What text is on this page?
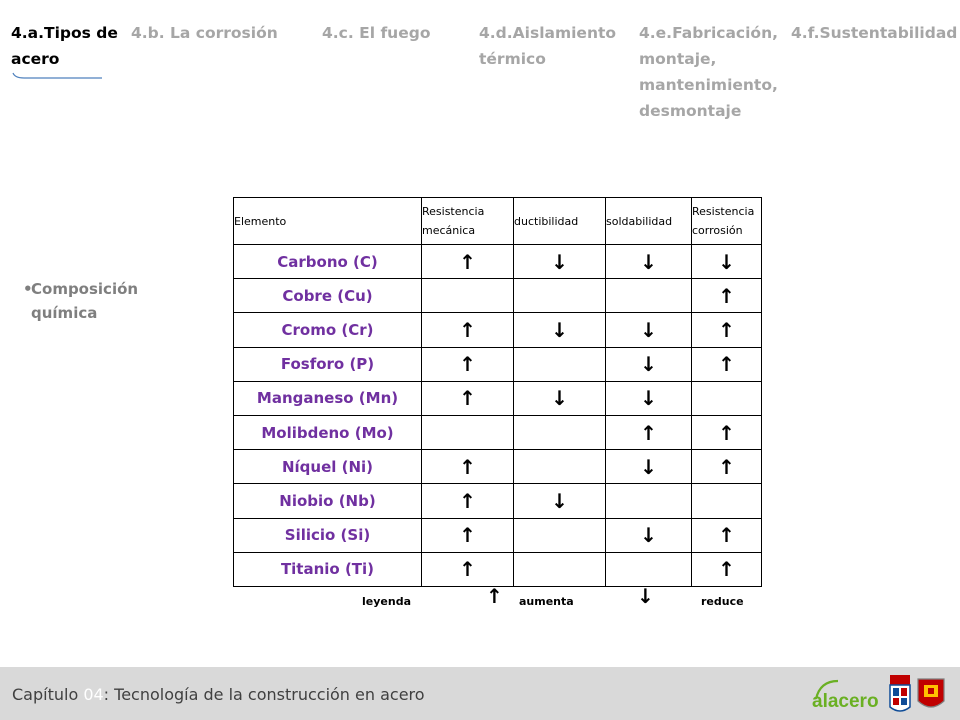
4.a.Tipos de acero
4.b. La corrosión	4.c. El fuego	4.d.Aislamiento térmico
4.e.Fabricación, montaje, mantenimiento, desmontaje
4.f.Sustentabilidad
•
Composición química
Elemento	Resistencia mecánica	ductibilidad	soldabilidad	Resistencia corrosión
Carbono (C)	↑	↓	↓	↓
Cobre (Cu)				↑
Cromo (Cr)	↑	↓	↓	↑
Fosforo (P)	↑		↓	↑
Manganeso (Mn)	↑	↓	↓	
Molibdeno (Mo)			↑	↑
Níquel (Ni)	↑		↓	↑
Niobio (Nb)	↑	↓		
Silicio (Si)	↑		↓	↑
Titanio (Ti)	↑			↑
leyenda	↑ aumenta	↓	reduce
Capítulo 04: Tecnología de la construcción en acero	alacero
